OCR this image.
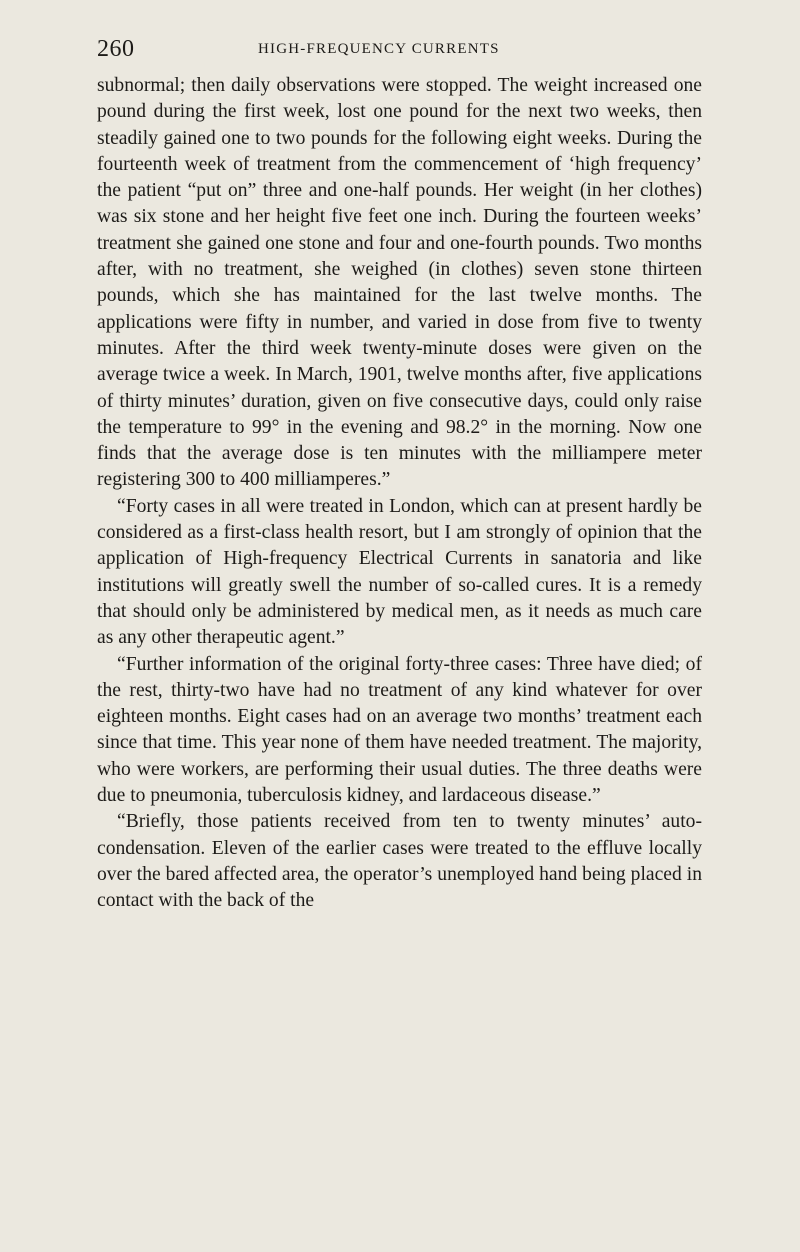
260	HIGH-FREQUENCY CURRENTS

subnormal; then daily observations were stopped. The weight increased one pound during the first week, lost one pound for the next two weeks, then steadily gained one to two pounds for the following eight weeks. During the fourteenth week of treatment from the commencement of ‘high frequency’ the patient “put on” three and one-half pounds. Her weight (in her clothes) was six stone and her height five feet one inch. During the fourteen weeks’ treatment she gained one stone and four and one-fourth pounds. Two months after, with no treatment, she weighed (in clothes) seven stone thirteen pounds, which she has maintained for the last twelve months. The applications were fifty in number, and varied in dose from five to twenty minutes. After the third week twenty-minute doses were given on the average twice a week. In March, 1901, twelve months after, five applications of thirty minutes’ duration, given on five consecutive days, could only raise the temperature to 99° in the evening and 98.2° in the morning. Now one finds that the average dose is ten minutes with the milliampere meter registering 300 to 400 milliamperes.”

“Forty cases in all were treated in London, which can at present hardly be considered as a first-class health resort, but I am strongly of opinion that the application of High-frequency Electrical Currents in sanatoria and like institutions will greatly swell the number of so-called cures. It is a remedy that should only be administered by medical men, as it needs as much care as any other therapeutic agent.”

“Further information of the original forty-three cases: Three have died; of the rest, thirty-two have had no treatment of any kind whatever for over eighteen months. Eight cases had on an average two months’ treatment each since that time. This year none of them have needed treatment. The majority, who were workers, are performing their usual duties. The three deaths were due to pneumonia, tuberculosis kidney, and lardaceous disease.”

“Briefly, those patients received from ten to twenty minutes’ auto-condensation. Eleven of the earlier cases were treated to the effluve locally over the bared affected area, the operator’s unemployed hand being placed in contact with the back of the
